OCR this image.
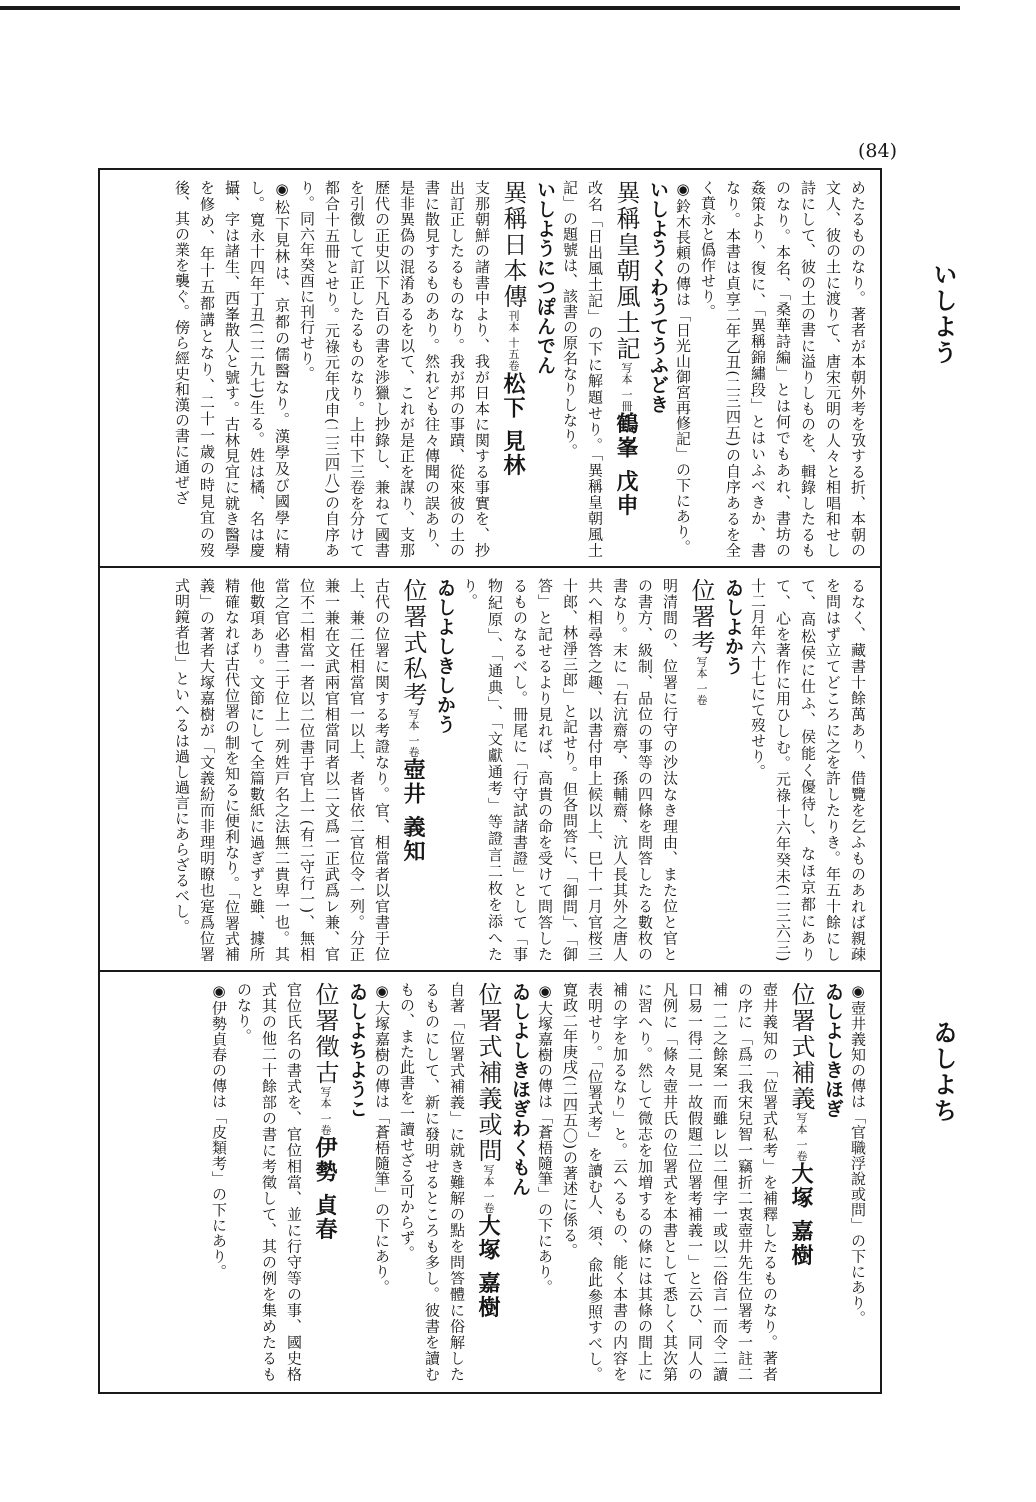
(84)
いしよう
ゐしよち
めたるものなり。著者が本朝外考を攷する折、本朝の文人、彼の土に渡りて、唐宋元明の人々と相唱和せし詩にして、彼の土の書に溢りしものを、輯錄したるものなり。本名、「桑華詩編」とは何でもあれ、書坊の姦策より、復に、「異稱錦繡段」とはいふべきか、書なり。本書は貞享二年乙丑(二三四五)の自序あるを全く賁永と僞作せり。
◉鈴木長頼の傳は「日光山御宮再修記」の下にあり。
いしようくわうてうふどき
異稱皇朝風土記写本 一冊鶴峯 戊申
改名「日出風土記」の下に解題せり。「異稱皇朝風土記」の題號は、該書の原名なりしなり。
いしようにつぽんでん
異稱日本傳刊本 十五卷松下 見林
支那朝鮮の諸書中より、我が日本に関する事實を、抄出訂正したるものなり。我が邦の事蹟、從來彼の土の書に散見するものあり。然れども往々傳聞の誤あり、是非異偽の混淆あるを以て、これが是正を謀り、支那歴代の正史以下凡百の書を渉獵し抄錄し、兼ねて國書を引徴して訂正したるものなり。上中下三卷を分けて都合十五冊とせり。元祿元年戊申(二三四八)の自序あり。同六年癸酉に刊行せり。
◉松下見林は、京都の儒醫なり。漢學及び國學に精し。寛永十四年丁丑(二二九七)生る。姓は橘、名は慶攝、字は諸生、西峯散人と號す。古林見宜に就き醫學を修め、年十五都講となり、二十一歳の時見宜の歿後、其の業を襲ぐ。傍ら經史和漢の書に通ぜざ
るなく、藏書十餘萬あり、借覽を乞ふものあれば親疎を問はず立てどころに之を許したりき。年五十餘にして、高松侯に仕ふ、侯能く優待し、なほ京都にありて、心を著作に用ひしむ。元祿十六年癸未(二三六三)十二月年六十七にて歿せり。
ゐしよかう
位署考写本 一卷
明清間の、位署に行守の沙汰なき理由、また位と官との書方、級制、品位の事等の四條を問答したる數枚の書なり。末に「右沆齋亭、孫輔齋、沆人長其外之唐人共へ相尋答之趣、以書付申上候以上、巳十一月官桜三十郎、林淨三郎」と記せり。但各問答に、「御問」、「御答」と記せるより見れば、高貴の命を受けて問答したるものなるべし。冊尾に「行守試諸書證」として「事物紀原」、「通典」、「文獻通考」等證言二枚を添へたり。
ゐしよしきしかう
位署式私考写本 一卷壺井 義知
古代の位署に関する考證なり。官、相當者以官書于位上、兼二任相當官一以上、者皆依二官位令一列。分正兼一兼在文武兩官相當同者以二文爲一正武爲レ兼、官位不二相當一者以二位書于官上一(有二守行一)、無相當之官必書二于位上一列姓戸名之法無二貴卑一也。其他數項あり。文節にして全篇數紙に過ぎずと雖、據所精確なれば古代位署の制を知るに便利なり。「位署式補義」の著者大塚嘉樹が「文義紛而非理明瞭也寔爲位署式明鏡者也」といへるは過し過言にあらざるべし。
◉壺井義知の傳は「官職浮說或問」の下にあり。
ゐしよしきほぎ
位署式補義写本 一卷大塚 嘉樹
壺井義知の「位署式私考」を補釋したるものなり。著者の序に「爲二我宋兒智一竊折二衷壺井先生位署考一註二補一二之餘案一而雖レ以二俚字一或以二俗言一而令二讀口易一得二見一故假題二位署考補義一」と云ひ、同人の凡例に「條々壺井氏の位署式を本書として悉しく其次第に習へり。然して微志を加増するの條には其條の間上に補の字を加るなり」と。云へるもの、能く本書の内容を表明せり。「位署式考」を讀む人、須、兪此參照すべし。寛政二年庚戌(二四五〇)の著述に係る。
◉大塚嘉樹の傳は「蒼梧隨筆」の下にあり。
ゐしよしきほぎわくもん
位署式補義或問写本 一卷大塚 嘉樹
自著「位署式補義」に就き難解の點を問答體に俗解したるものにして、新に發明せるところも多し。彼書を讀むもの、また此書を一讀せざる可からず。
◉大塚嘉樹の傳は「蒼梧隨筆」の下にあり。
ゐしよちようこ
位署徵古写本 一卷伊勢 貞春
官位氏名の書式を、官位相當、並に行守等の事、國史格式其の他二十餘部の書に考徵して、其の例を集めたるものなり。
◉伊勢貞春の傳は「皮類考」の下にあり。
